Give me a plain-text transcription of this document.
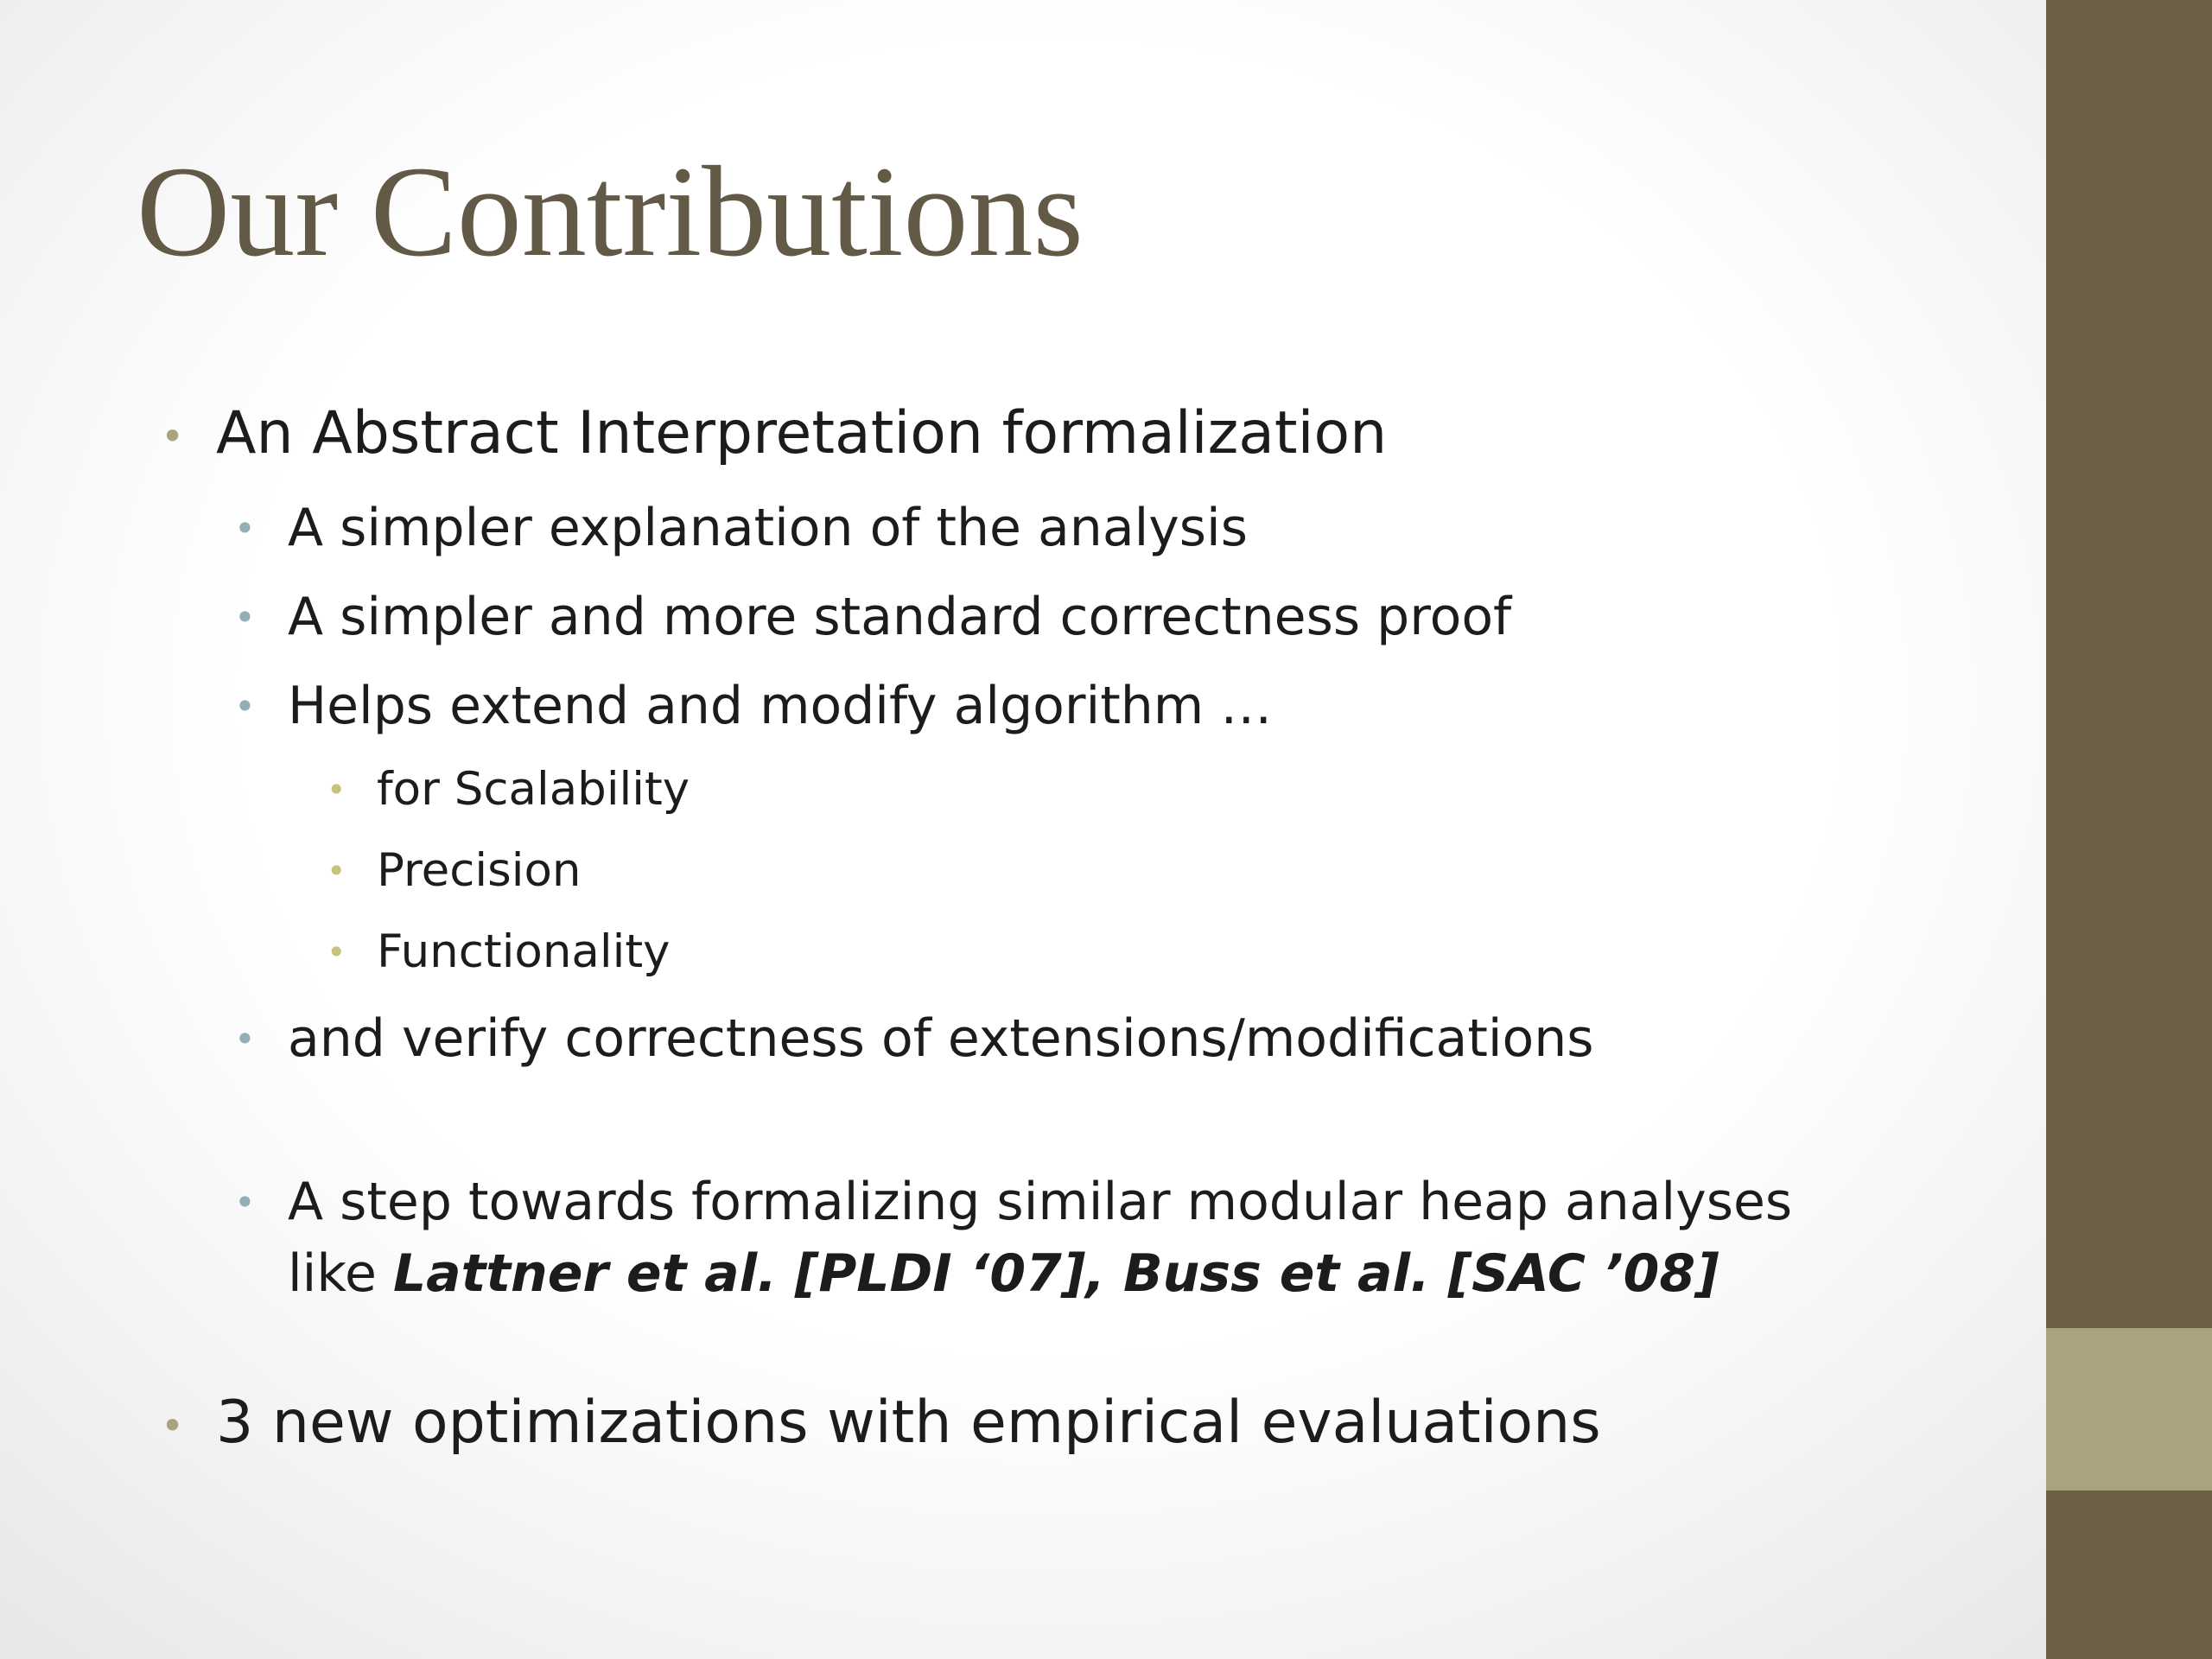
Our Contributions
• An Abstract Interpretation formalization
• A simpler explanation of the analysis
• A simpler and more standard correctness proof
• Helps extend and modify algorithm …
• for Scalability
• Precision
• Functionality
• and verify correctness of extensions/modifications
• A step towards formalizing similar modular heap analyses
like Lattner et al. [PLDI ‘07], Buss et al. [SAC ’08]
• 3 new optimizations with empirical evaluations
